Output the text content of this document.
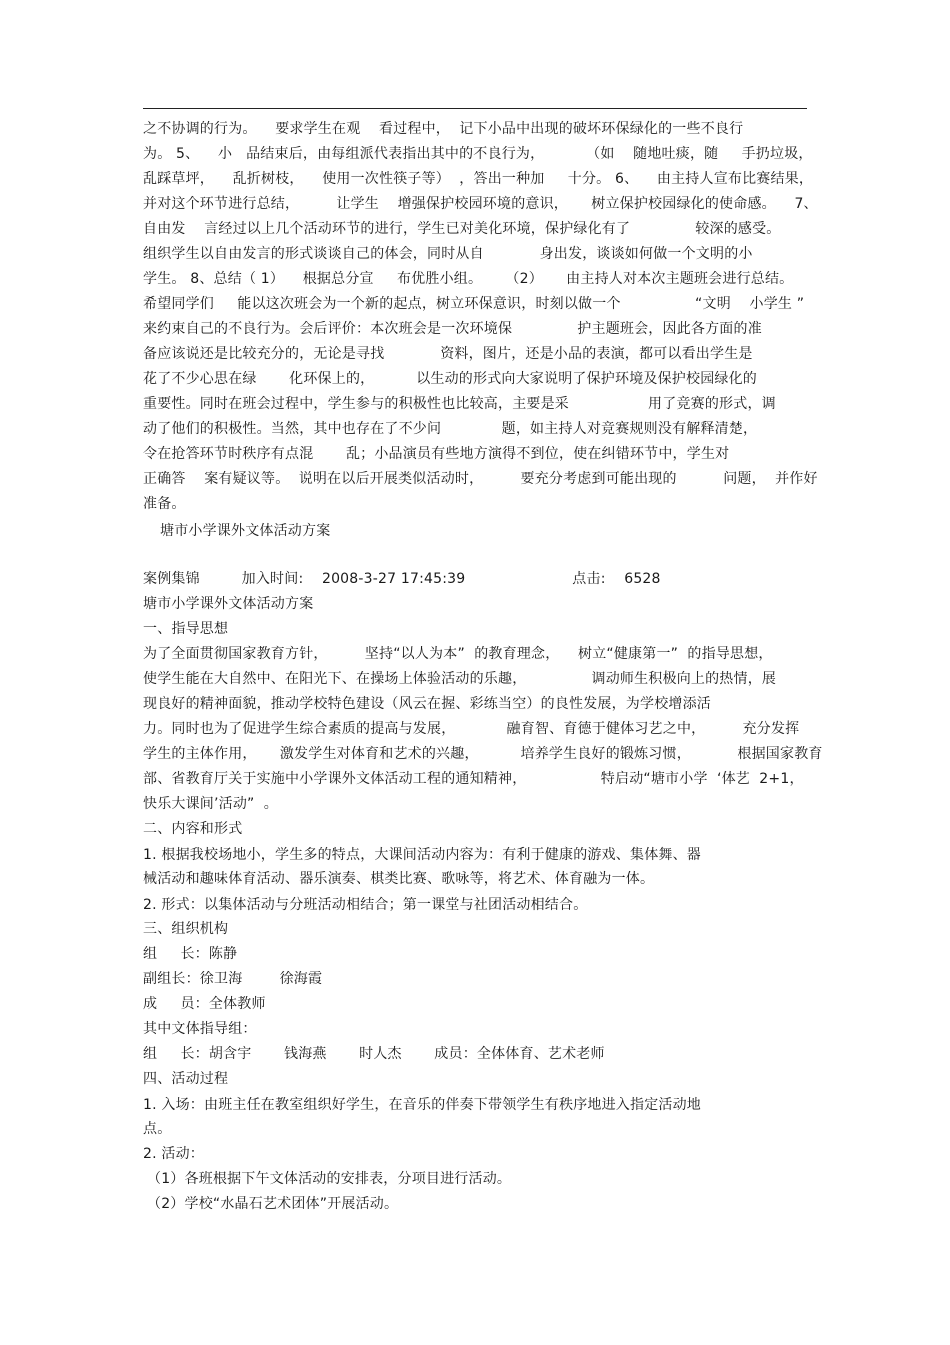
之不协调的行为。    要求学生在观    看过程中，  记下小品中出现的破坏环保绿化的一些不良行
为。 5、    小   品结束后，由每组派代表指出其中的不良行为，         （如    随地吐痰，随     手扔垃圾，
乱踩草坪，    乱折树枝，    使用一次性筷子等）  ，答出一种加     十分。 6、    由主持人宣布比赛结果，
并对这个环节进行总结，        让学生    增强保护校园环境的意识，     树立保护校园绿化的使命感。    7、
自由发    言经过以上几个活动环节的进行，学生已对美化环境，保护绿化有了              较深的感受。
组织学生以自由发言的形式谈谈自己的体会，同时从自            身出发，谈谈如何做一个文明的小
学生。 8、总结（ 1）    根据总分宣     布优胜小组。     （2）     由主持人对本次主题班会进行总结。
希望同学们     能以这次班会为一个新的起点，树立环保意识，时刻以做一个                “文明    小学生 ”
来约束自己的不良行为。会后评价：本次班会是一次环境保              护主题班会，因此各方面的准
备应该说还是比较充分的，无论是寻找            资料，图片，还是小品的表演，都可以看出学生是
花了不少心思在绿       化环保上的，         以生动的形式向大家说明了保护环境及保护校园绿化的
重要性。同时在班会过程中，学生参与的积极性也比较高，主要是采                 用了竞赛的形式，调
动了他们的积极性。当然，其中也存在了不少问             题，如主持人对竞赛规则没有解释清楚，
令在抢答环节时秩序有点混       乱；小品演员有些地方演得不到位，使在纠错环节中，学生对
正确答    案有疑议等。  说明在以后开展类似活动时，        要充分考虑到可能出现的          问题，  并作好
准备。
塘市小学课外文体活动方案
案例集锦         加入时间:    2008-3-27 17:45:39                       点击:    6528
塘市小学课外文体活动方案
一、指导思想
为了全面贯彻国家教育方针，        坚持“以人为本”  的教育理念，    树立“健康第一”  的指导思想，
使学生能在大自然中、在阳光下、在操场上体验活动的乐趣，              调动师生积极向上的热情，展
现良好的精神面貌，推动学校特色建设（风云在握、彩练当空）的良性发展，为学校增添活
力。同时也为了促进学生综合素质的提高与发展，           融育智、育德于健体习艺之中，        充分发挥
学生的主体作用，     激发学生对体育和艺术的兴趣，         培养学生良好的锻炼习惯，          根据国家教育
部、省教育厅关于实施中小学课外文体活动工程的通知精神，                特启动“塘市小学  ‘体艺  2+1，
快乐大课间’活动”  。
二、内容和形式
1. 根据我校场地小，学生多的特点，大课间活动内容为：有利于健康的游戏、集体舞、器
械活动和趣味体育活动、器乐演奏、棋类比赛、歌咏等，将艺术、体育融为一体。
2. 形式：以集体活动与分班活动相结合；第一课堂与社团活动相结合。
三、组织机构
组     长：陈静
副组长：徐卫海        徐海霞
成     员：全体教师
其中文体指导组：
组     长：胡含宇       钱海燕       时人杰       成员：全体体育、艺术老师
四、活动过程
1. 入场：由班主任在教室组织好学生，在音乐的伴奏下带领学生有秩序地进入指定活动地
点。
2. 活动：
（1）各班根据下午文体活动的安排表，分项目进行活动。
（2）学校“水晶石艺术团体”开展活动。
